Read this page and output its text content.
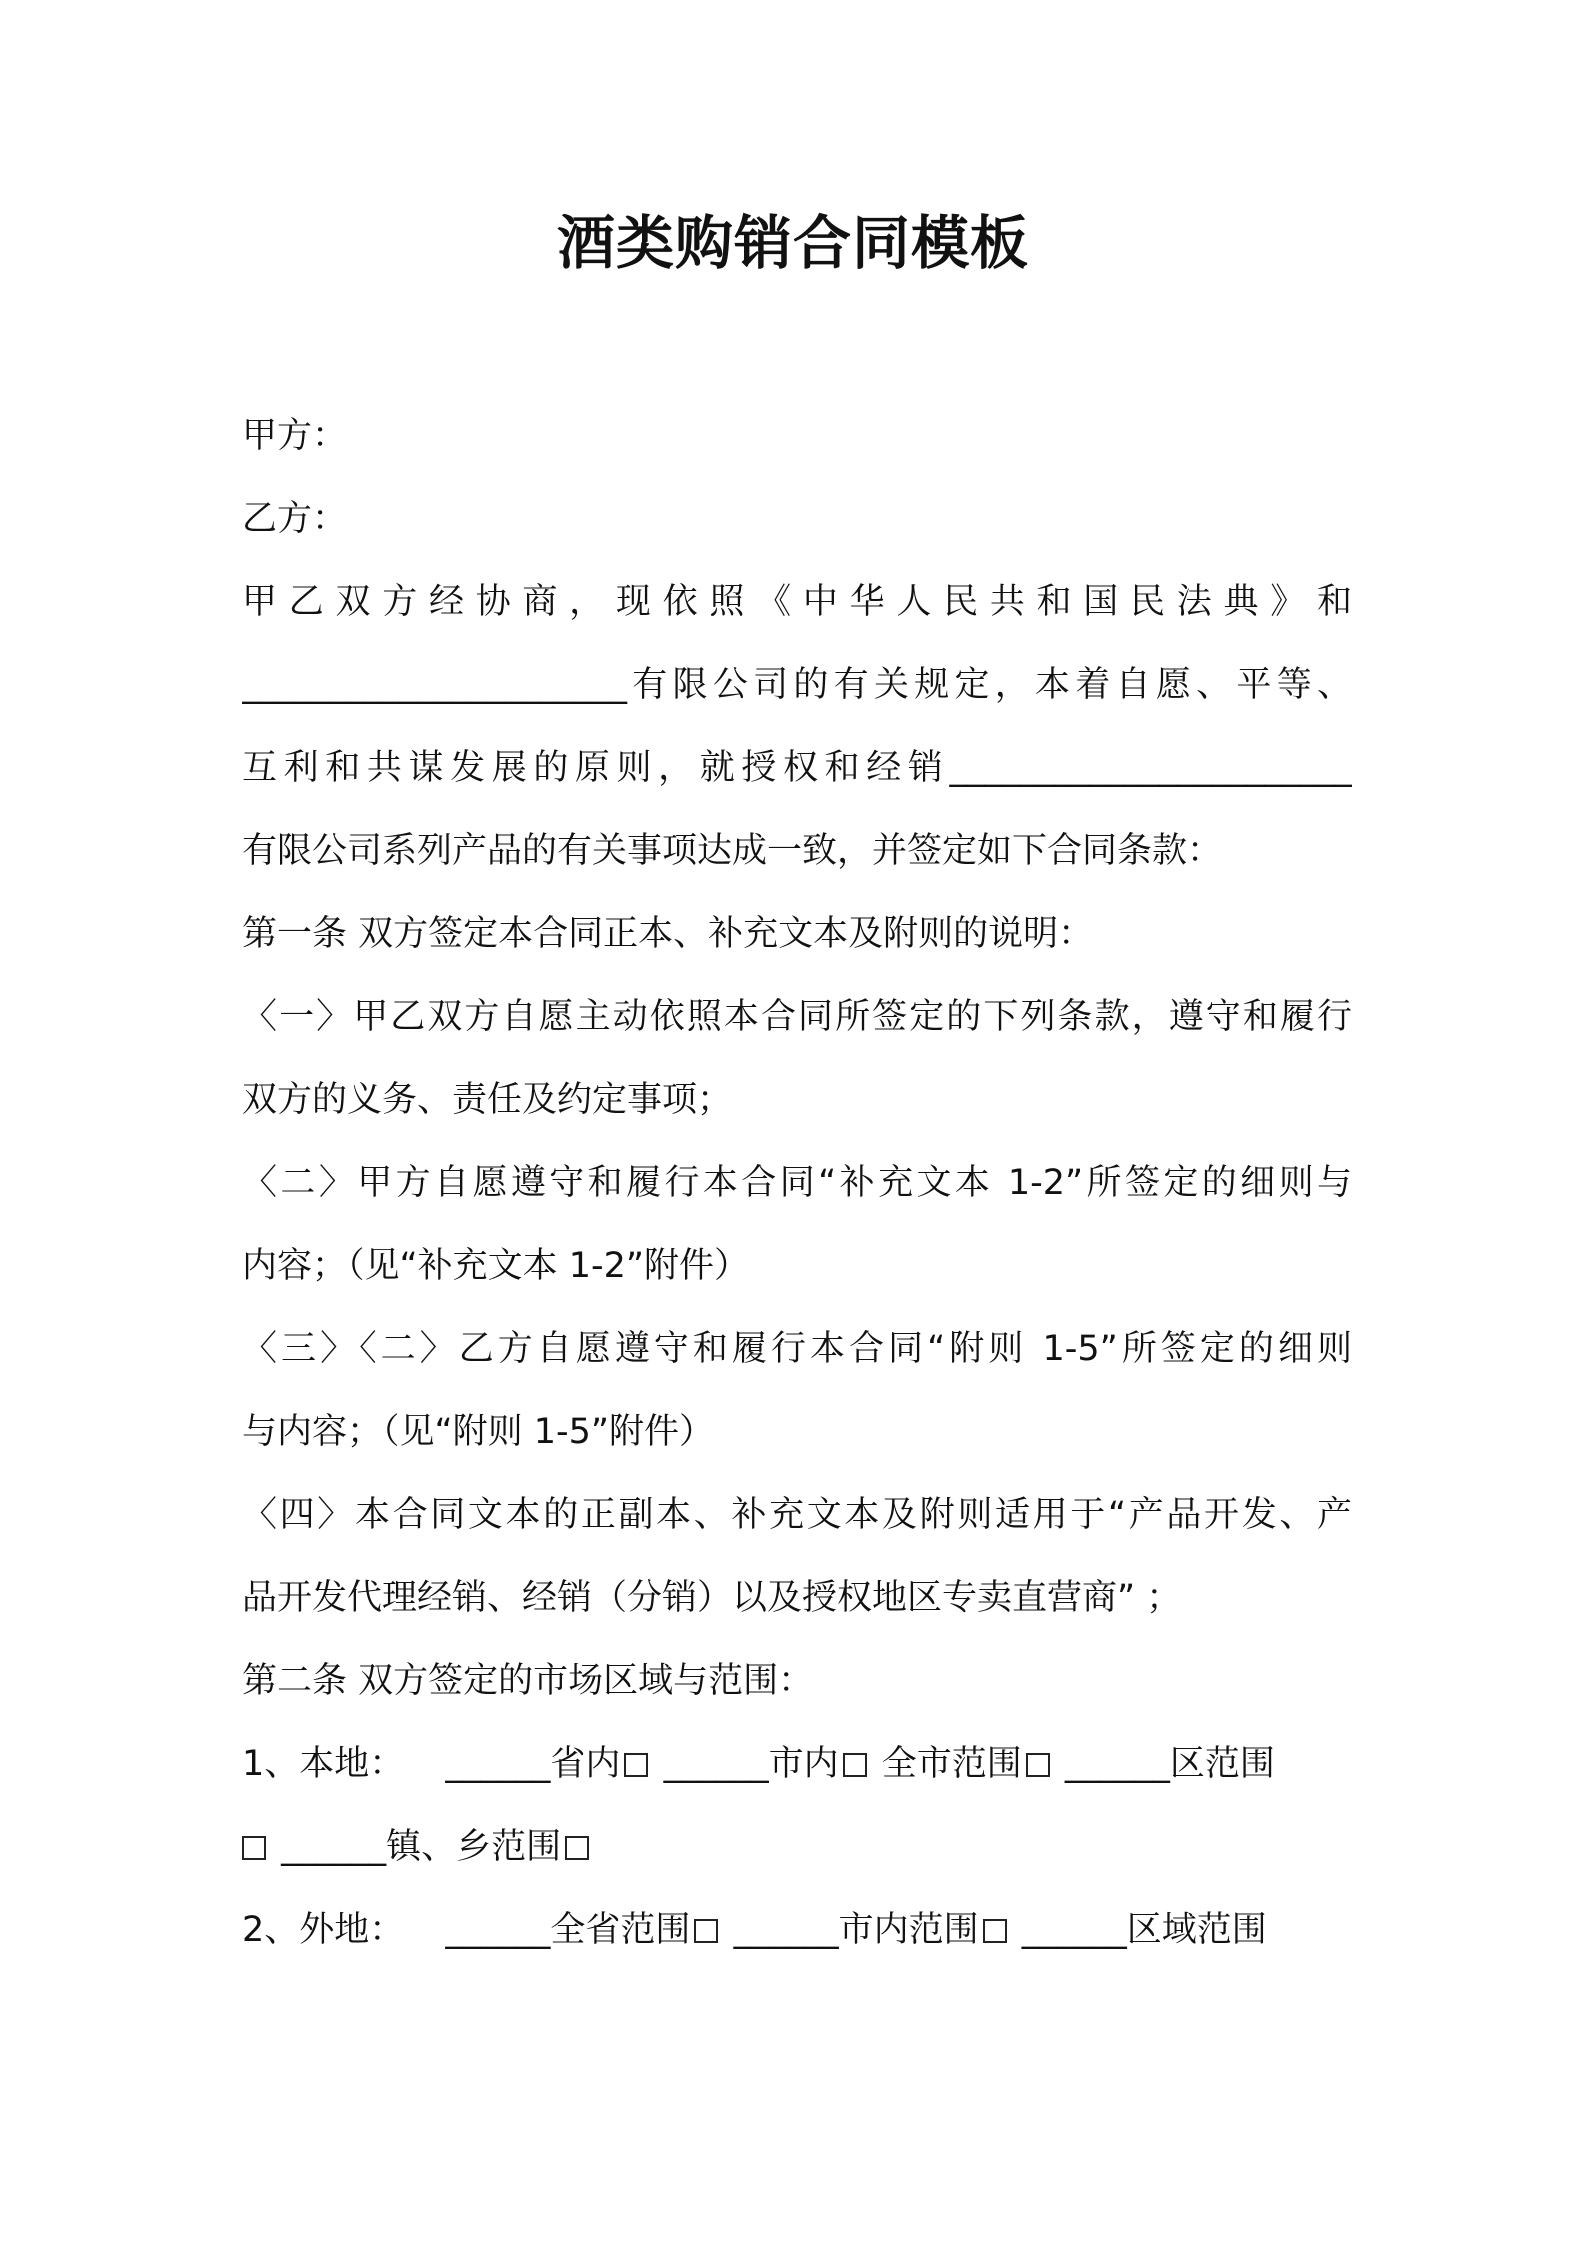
酒类购销合同模板
甲方：
乙方：
甲乙双方经协商，现依照《中华人民共和国民法典》和
______________________有限公司的有关规定，本着自愿、平等、
互利和共谋发展的原则，就授权和经销_______________________
有限公司系列产品的有关事项达成一致，并签定如下合同条款：
第一条 双方签定本合同正本、补充文本及附则的说明：
〈一〉甲乙双方自愿主动依照本合同所签定的下列条款，遵守和履行
双方的义务、责任及约定事项；
〈二〉甲方自愿遵守和履行本合同“补充文本 1-2”所签定的细则与
内容；（见“补充文本 1-2”附件）
〈三〉〈二〉乙方自愿遵守和履行本合同“附则 1-5”所签定的细则
与内容；（见“附则 1-5”附件）
〈四〉本合同文本的正副本、补充文本及附则适用于“产品开发、产
品开发代理经销、经销（分销）以及授权地区专卖直营商” ；
第二条 双方签定的市场区域与范围：
1、本地： ______省内 ______市内 全市范围 ______区范围
______镇、乡范围
2、外地： ______全省范围 ______市内范围 ______区域范围
